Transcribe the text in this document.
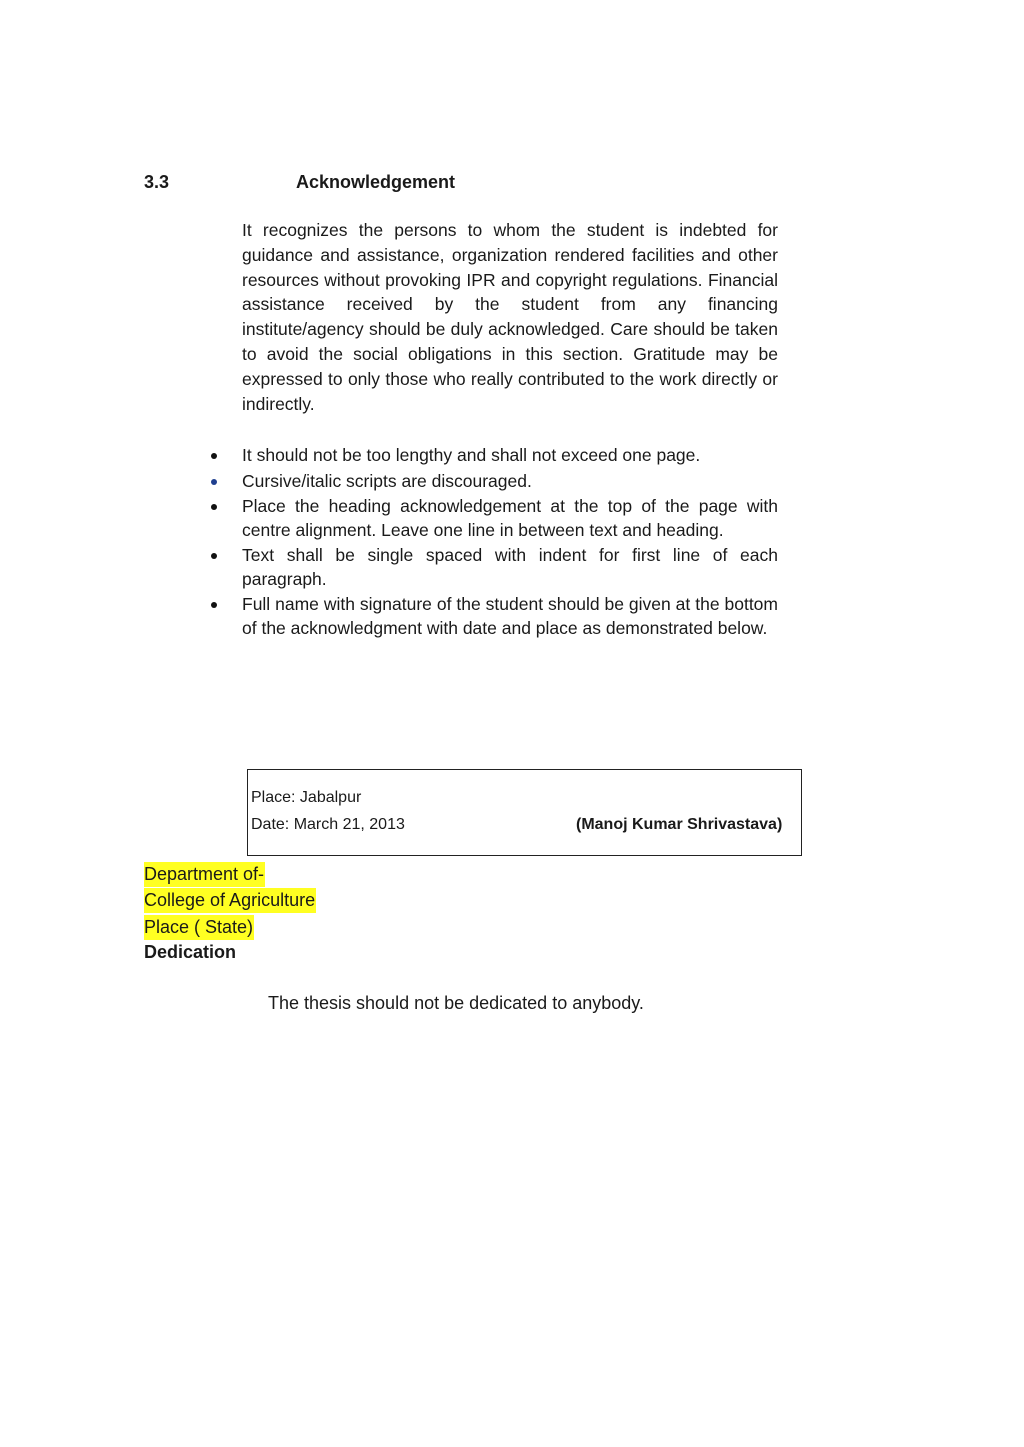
3.3	Acknowledgement
It recognizes the persons to whom the student is indebted for guidance and assistance, organization rendered facilities and other resources without provoking IPR and copyright regulations. Financial assistance received by the student from any financing institute/agency should be duly acknowledged. Care should be taken to avoid the social obligations in this section. Gratitude may be expressed to only those who really contributed to the work directly or indirectly.
It should not be too lengthy and shall not exceed one page.
Cursive/italic scripts are discouraged.
Place the heading acknowledgement at the top of the page with centre alignment. Leave one line in between text and heading.
Text shall be single spaced with indent for first line of each paragraph.
Full name with signature of the student should be given at the bottom of the acknowledgment with date and place as demonstrated below.
Place: Jabalpur
Date: March 21, 2013	(Manoj Kumar Shrivastava)
Department of-
College of Agriculture
Place ( State)
Dedication
The thesis should not be dedicated to anybody.
